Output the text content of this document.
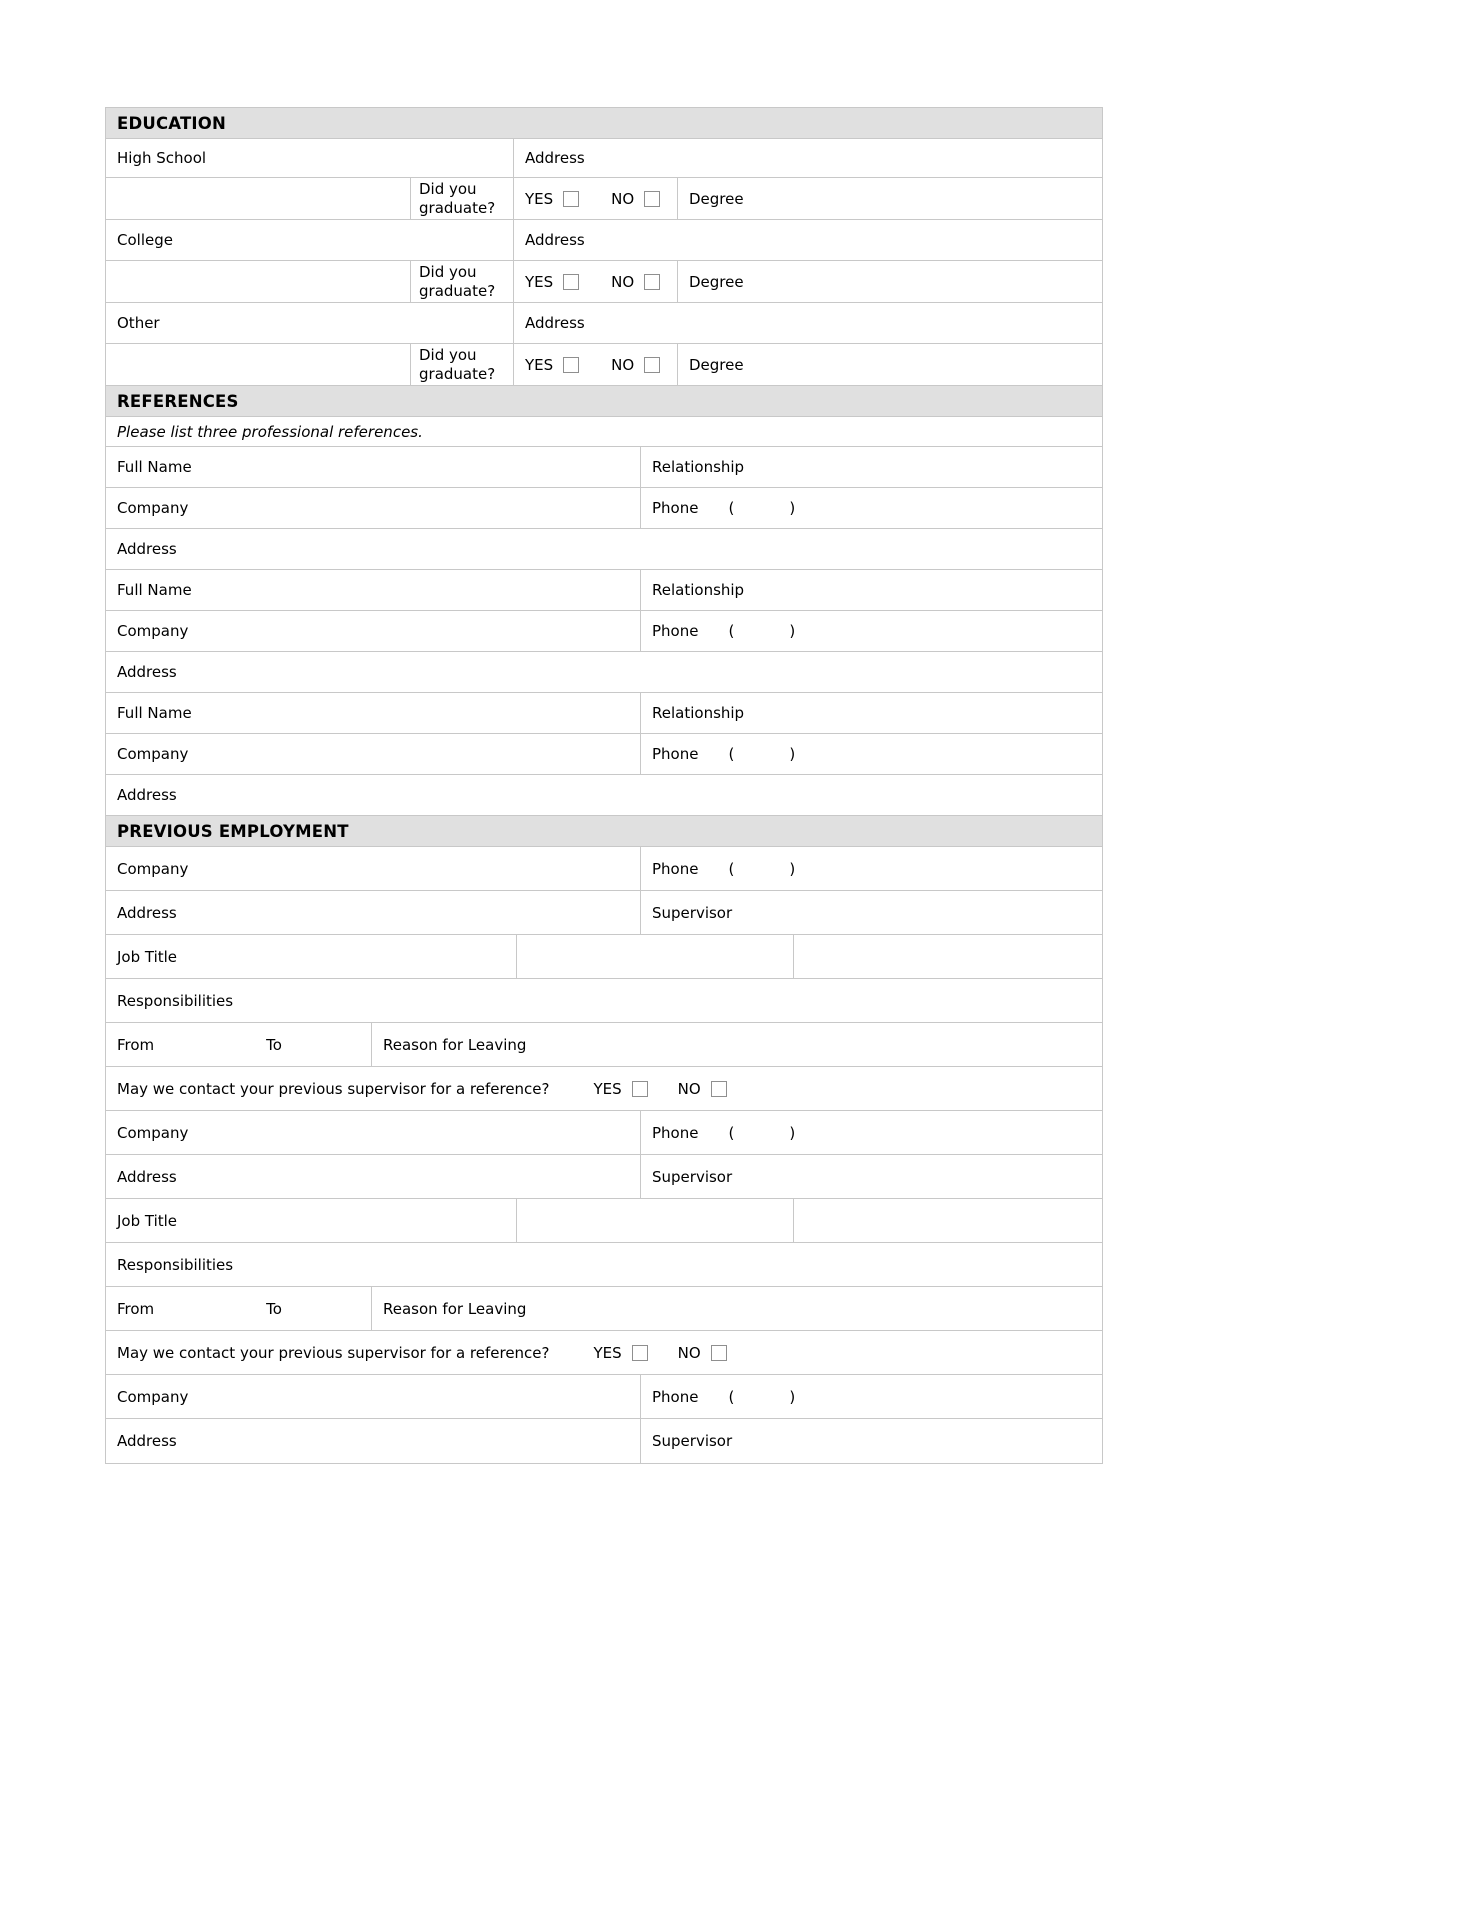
EDUCATION
High School	Address
Did you graduate?	YES	NO	Degree
College	Address
Did you graduate?	YES	NO	Degree
Other	Address
Did you graduate?	YES	NO	Degree
REFERENCES
Please list three professional references.
Full Name	Relationship
Company	Phone (	)
Address
Full Name	Relationship
Company	Phone (	)
Address
Full Name	Relationship
Company	Phone (	)
Address
PREVIOUS EMPLOYMENT
Company	Phone (	)
Address	Supervisor
Job Title
Responsibilities
From	To	Reason for Leaving
May we contact your previous supervisor for a reference?	YES	NO
Company	Phone (	)
Address	Supervisor
Job Title
Responsibilities
From	To	Reason for Leaving
May we contact your previous supervisor for a reference?	YES	NO
Company	Phone (	)
Address	Supervisor
